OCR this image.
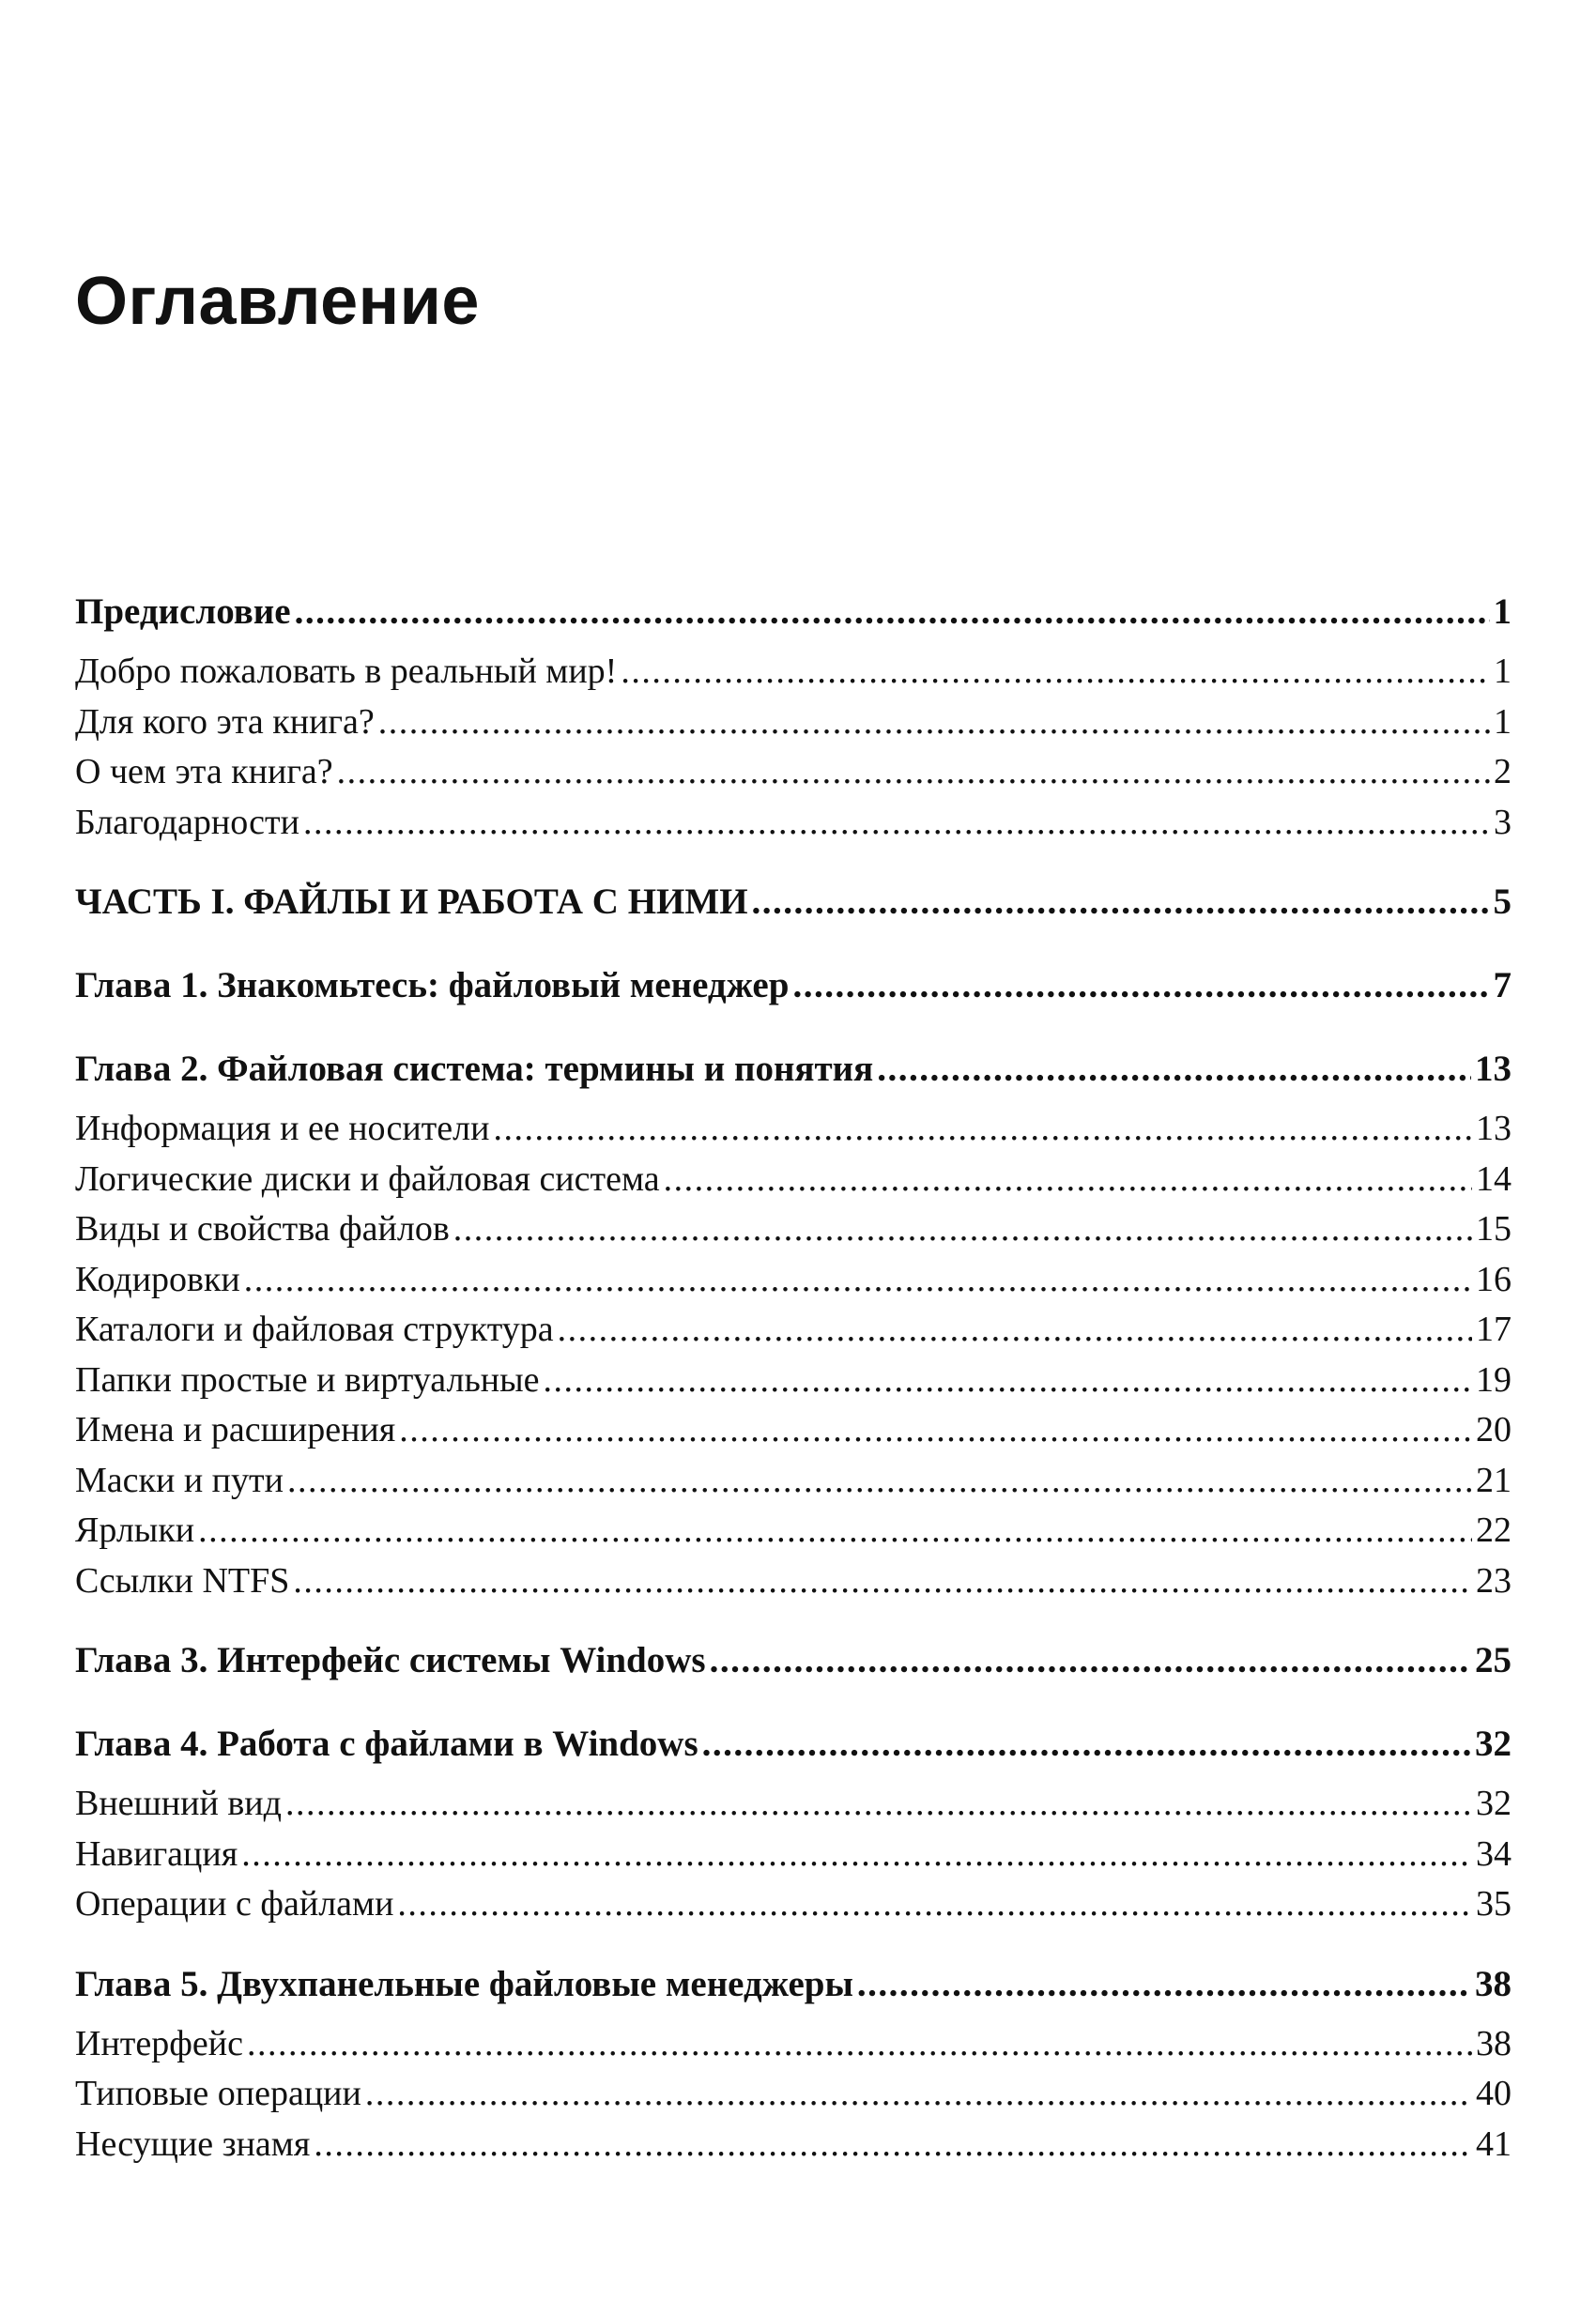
Оглавление
Предисловие .....	1
Добро пожаловать в реальный мир! .....	1
Для кого эта книга? .....	1
О чем эта книга? .....	2
Благодарности .....	3
ЧАСТЬ I. ФАЙЛЫ И РАБОТА С НИМИ .....	5
Глава 1. Знакомьтесь: файловый менеджер .....	7
Глава 2. Файловая система: термины и понятия .....	13
Информация и ее носители .....	13
Логические диски и файловая система .....	14
Виды и свойства файлов .....	15
Кодировки .....	16
Каталоги и файловая структура .....	17
Папки простые и виртуальные .....	19
Имена и расширения .....	20
Маски и пути .....	21
Ярлыки .....	22
Ссылки NTFS .....	23
Глава 3. Интерфейс системы Windows .....	25
Глава 4. Работа с файлами в Windows .....	32
Внешний вид .....	32
Навигация .....	34
Операции с файлами .....	35
Глава 5. Двухпанельные файловые менеджеры .....	38
Интерфейс .....	38
Типовые операции .....	40
Несущие знамя .....	41
